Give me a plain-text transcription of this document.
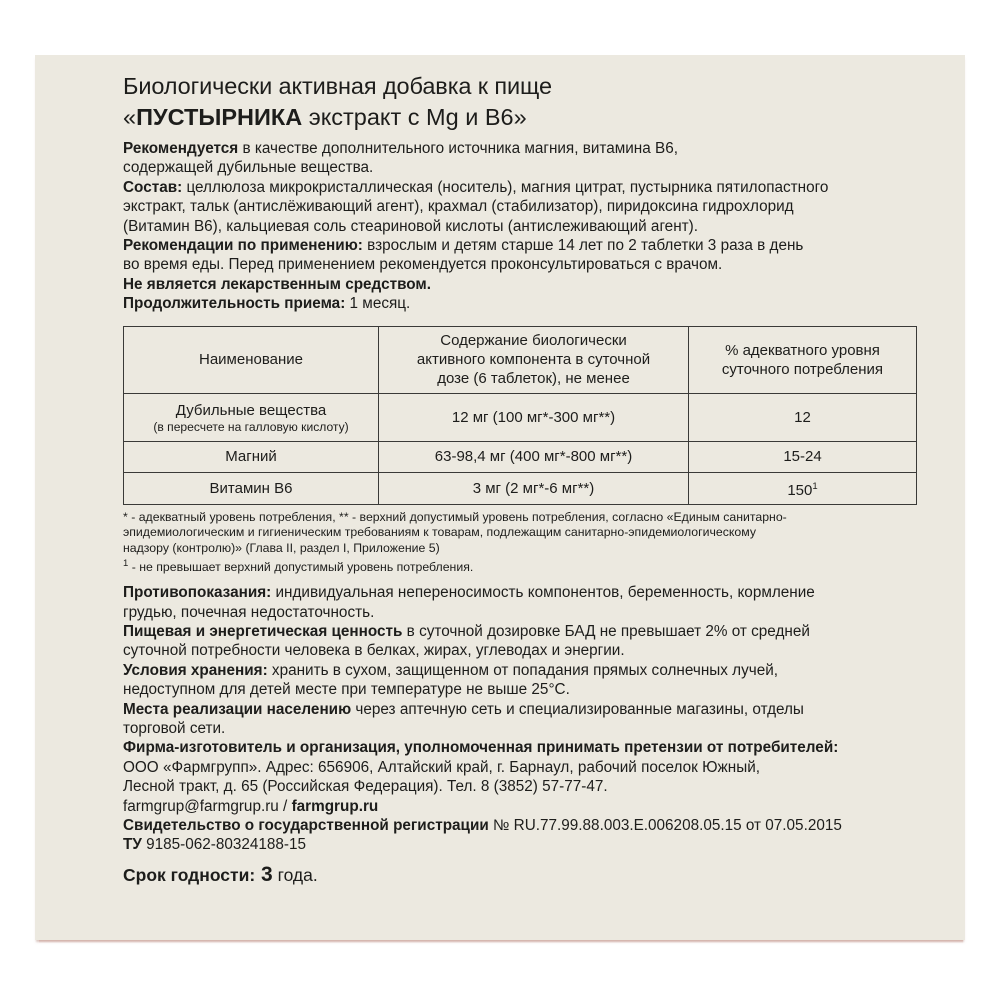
Биологически активная добавка к пище
«ПУСТЫРНИКА экстракт с Mg и B6»

Рекомендуется в качестве дополнительного источника магния, витамина B6,

содержащей дубильные вещества.

Состав: целлюлоза микрокристаллическая (носитель), магния цитрат, пустырника пятилопастного

экстракт, тальк (антислёживающий агент), крахмал (стабилизатор), пиридоксина гидрохлорид

(Витамин B6), кальциевая соль стеариновой кислоты (антислеживающий агент).

Рекомендации по применению: взрослым и детям старше 14 лет по 2 таблетки 3 раза в день

во время еды. Перед применением рекомендуется проконсультироваться с врачом.

Не является лекарственным средством.

Продолжительность приема: 1 месяц.

Наименование	Содержание биологически
активного компонента в суточной
дозе (6 таблеток), не менее	% адекватного уровня
суточного потребления
Дубильные вещества
(в пересчете на галловую кислоту)	12 мг (100 мг*-300 мг**)	12
Магний	63-98,4 мг (400 мг*-800 мг**)	15-24
Витамин B6	3 мг (2 мг*-6 мг**)	150$^1$

* - адекватный уровень потребления, ** - верхний допустимый уровень потребления, согласно «Единым санитарно-

эпидемиологическим и гигиеническим требованиям к товарам, подлежащим санитарно-эпидемиологическому

надзору (контролю)» (Глава II, раздел I, Приложение 5)

$^1$ - не превышает верхний допустимый уровень потребления.

Противопоказания: индивидуальная непереносимость компонентов, беременность, кормление

грудью, почечная недостаточность.

Пищевая и энергетическая ценность в суточной дозировке БАД не превышает 2% от средней

суточной потребности человека в белках, жирах, углеводах и энергии.

Условия хранения: хранить в сухом, защищенном от попадания прямых солнечных лучей,

недоступном для детей месте при температуре не выше 25°C.

Места реализации населению через аптечную сеть и специализированные магазины, отделы

торговой сети.

Фирма-изготовитель и организация, уполномоченная принимать претензии от потребителей:

ООО «Фармгрупп». Адрес: 656906, Алтайский край, г. Барнаул, рабочий поселок Южный,

Лесной тракт, д. 65 (Российская Федерация). Тел. 8 (3852) 57-77-47.

farmgrup@farmgrup.ru / farmgrup.ru

Свидетельство о государственной регистрации № RU.77.99.88.003.E.006208.05.15 от 07.05.2015

ТУ 9185-062-80324188-15

Срок годности: 3 года.
